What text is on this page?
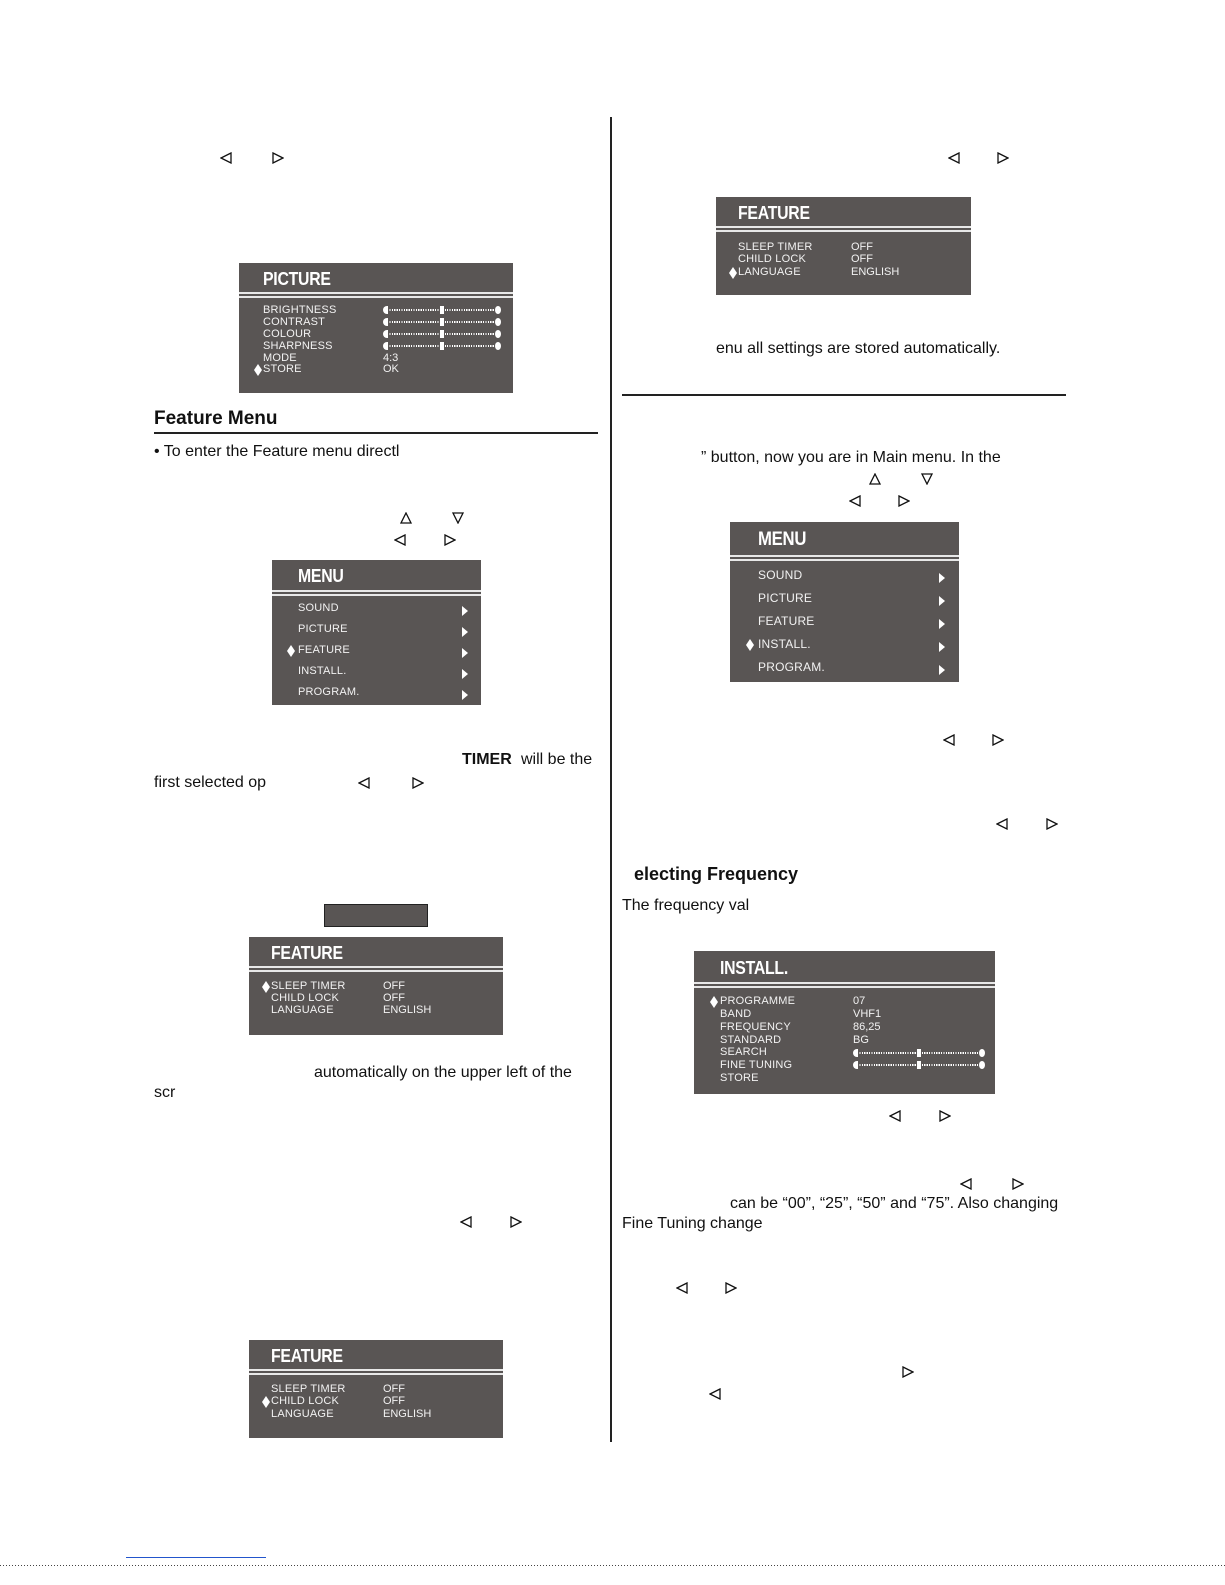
PICTURE
BRIGHTNESS
CONTRAST
COLOUR
SHARPNESS
MODE
STORE
4:3
OK
Feature Menu
• To enter the Feature menu directl
MENU
SOUND
PICTURE
FEATURE
INSTALL.
PROGRAM.
TIMER will be the
first selected op
FEATURE
SLEEP TIMER
CHILD LOCK
LANGUAGE
OFF
OFF
ENGLISH
automatically on the upper left of the
scr
FEATURE
SLEEP TIMER
CHILD LOCK
LANGUAGE
OFF
OFF
ENGLISH
FEATURE
SLEEP TIMER
CHILD LOCK
LANGUAGE
OFF
OFF
ENGLISH
enu all settings are stored automatically.
” button, now you are in Main menu. In the
MENU
SOUND
PICTURE
FEATURE
INSTALL.
PROGRAM.
electing Frequency
The frequency val
INSTALL.
PROGRAMME
BAND
FREQUENCY
STANDARD
SEARCH
FINE TUNING
STORE
07
VHF1
86,25
BG
can be “00”, “25”, “50” and “75”. Also changing
Fine Tuning change
